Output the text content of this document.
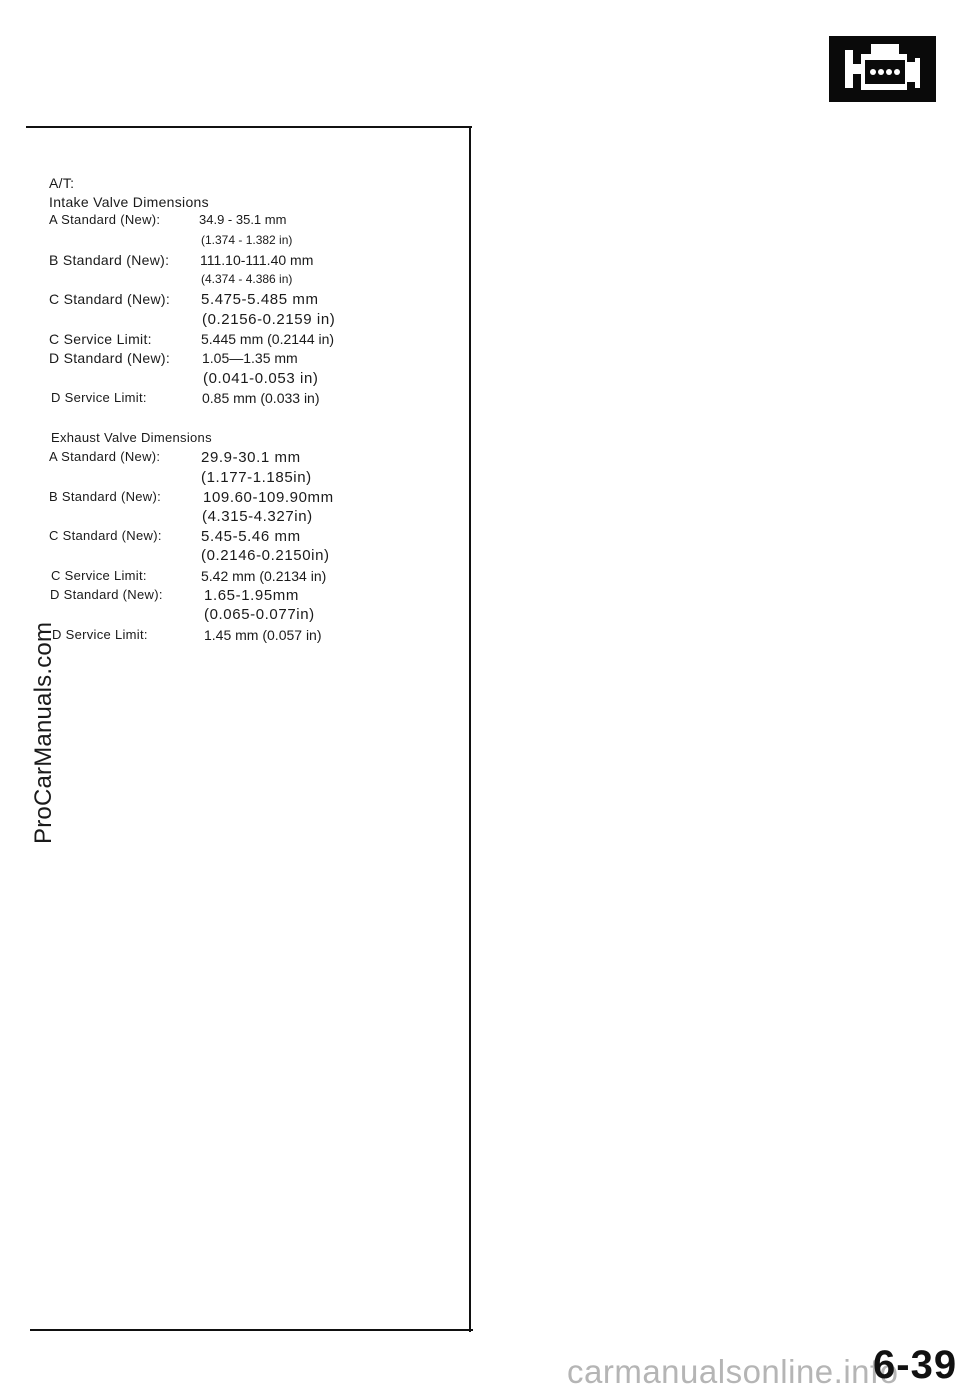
A/T:
Intake Valve Dimensions
A Standard (New):	34.9 - 35.1 mm
(1.374 - 1.382 in)
B Standard (New): 111.10-111.40 mm
(4.374 - 4.386 in)
C Standard (New): 5.475-5.485 mm
(0.2156-0.2159 in)
C Service Limit:	5.445 mm (0.2144 in)
D Standard (New): 1.05—1.35 mm
(0.041-0.053 in)
D Service Limit:	0.85 mm (0.033 in)
Exhaust Valve Dimensions
A Standard (New):	29.9-30.1 mm
(1.177-1.185in)
B Standard (New):	109.60-109.90mm
(4.315-4.327in)
C Standard (New):	5.45-5.46 mm
(0.2146-0.2150in)
C Service Limit:	5.42 mm (0.2134 in)
D Standard (New):	1.65-1.95mm
(0.065-0.077in)
D Service Limit:	1.45 mm (0.057 in)
ProCarManuals.com
carmanualsonline.info
6-39
